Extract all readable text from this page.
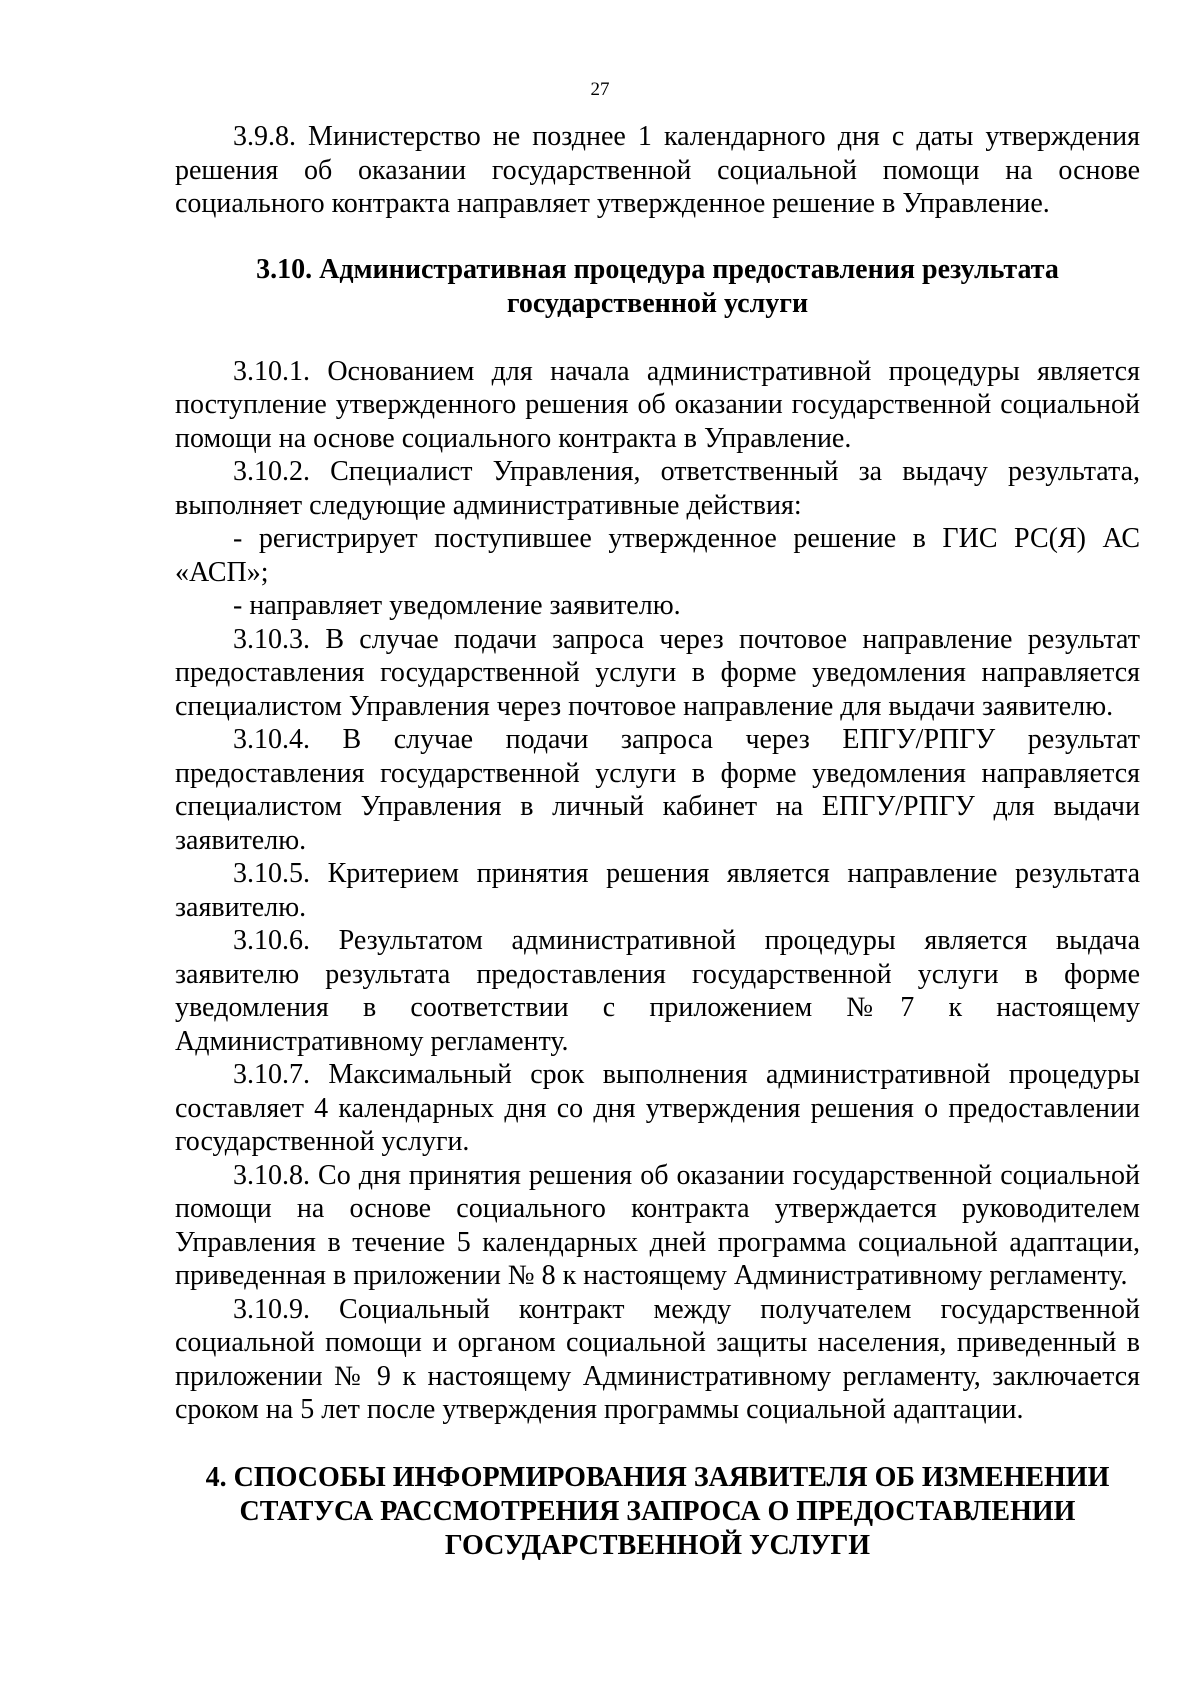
27

3.9.8. Министерство не позднее 1 календарного дня с даты утверждения решения об оказании государственной социальной помощи на основе социального контракта направляет утвержденное решение в Управление.

3.10. Административная процедура предоставления результата

государственной услуги

3.10.1. Основанием для начала административной процедуры является поступление утвержденного решения об оказании государственной социальной помощи на основе социального контракта в Управление.

3.10.2. Специалист Управления, ответственный за выдачу результата, выполняет следующие административные действия:

- регистрирует поступившее утвержденное решение в ГИС РС(Я) АС «АСП»;

- направляет уведомление заявителю.

3.10.3. В случае подачи запроса через почтовое направление результат предоставления государственной услуги в форме уведомления направляется специалистом Управления через почтовое направление для выдачи заявителю.

3.10.4. В случае подачи запроса через ЕПГУ/РПГУ результат предоставления государственной услуги в форме уведомления направляется специалистом Управления в личный кабинет на ЕПГУ/РПГУ для выдачи заявителю.

3.10.5. Критерием принятия решения является направление результата заявителю.

3.10.6. Результатом административной процедуры является выдача заявителю результата предоставления государственной услуги в форме уведомления в соответствии с приложением №7 к настоящему Административному регламенту.

3.10.7. Максимальный срок выполнения административной процедуры составляет 4 календарных дня со дня утверждения решения о предоставлении государственной услуги.

3.10.8. Со дня принятия решения об оказании государственной социальной помощи на основе социального контракта утверждается руководителем Управления в течение 5 календарных дней программа социальной адаптации, приведенная в приложении № 8 к настоящему Административному регламенту.

3.10.9. Социальный контракт между получателем государственной социальной помощи и органом социальной защиты населения, приведенный в приложении № 9 к настоящему Административному регламенту, заключается сроком на 5 лет после утверждения программы социальной адаптации.

4. СПОСОБЫ ИНФОРМИРОВАНИЯ ЗАЯВИТЕЛЯ ОБ ИЗМЕНЕНИИ
СТАТУСА РАССМОТРЕНИЯ ЗАПРОСА О ПРЕДОСТАВЛЕНИИ
ГОСУДАРСТВЕННОЙ УСЛУГИ
